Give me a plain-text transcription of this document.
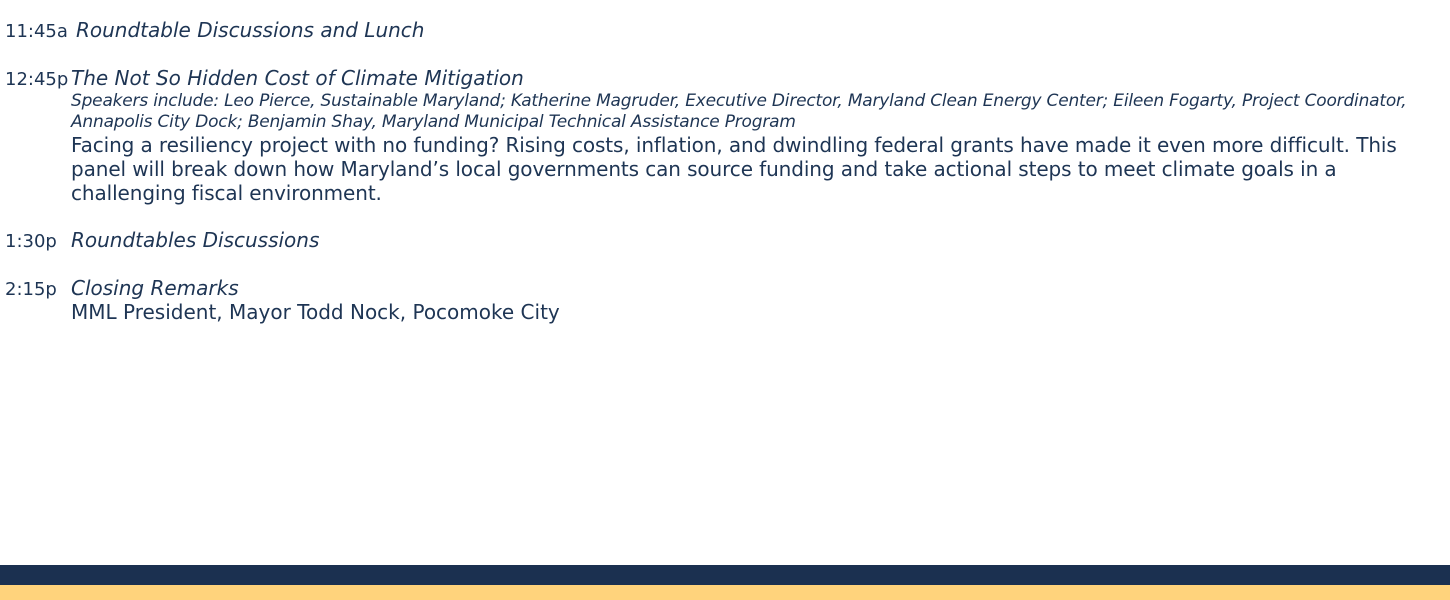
11:45a Roundtable Discussions and Lunch
12:45p The Not So Hidden Cost of Climate Mitigation
Speakers include: Leo Pierce, Sustainable Maryland; Katherine Magruder, Executive Director, Maryland Clean Energy Center; Eileen Fogarty, Project Coordinator, Annapolis City Dock; Benjamin Shay, Maryland Municipal Technical Assistance Program
Facing a resiliency project with no funding? Rising costs, inflation, and dwindling federal grants have made it even more difficult. This panel will break down how Maryland’s local governments can source funding and take actional steps to meet climate goals in a challenging fiscal environment.
1:30p Roundtables Discussions
2:15p Closing Remarks
MML President, Mayor Todd Nock, Pocomoke City
